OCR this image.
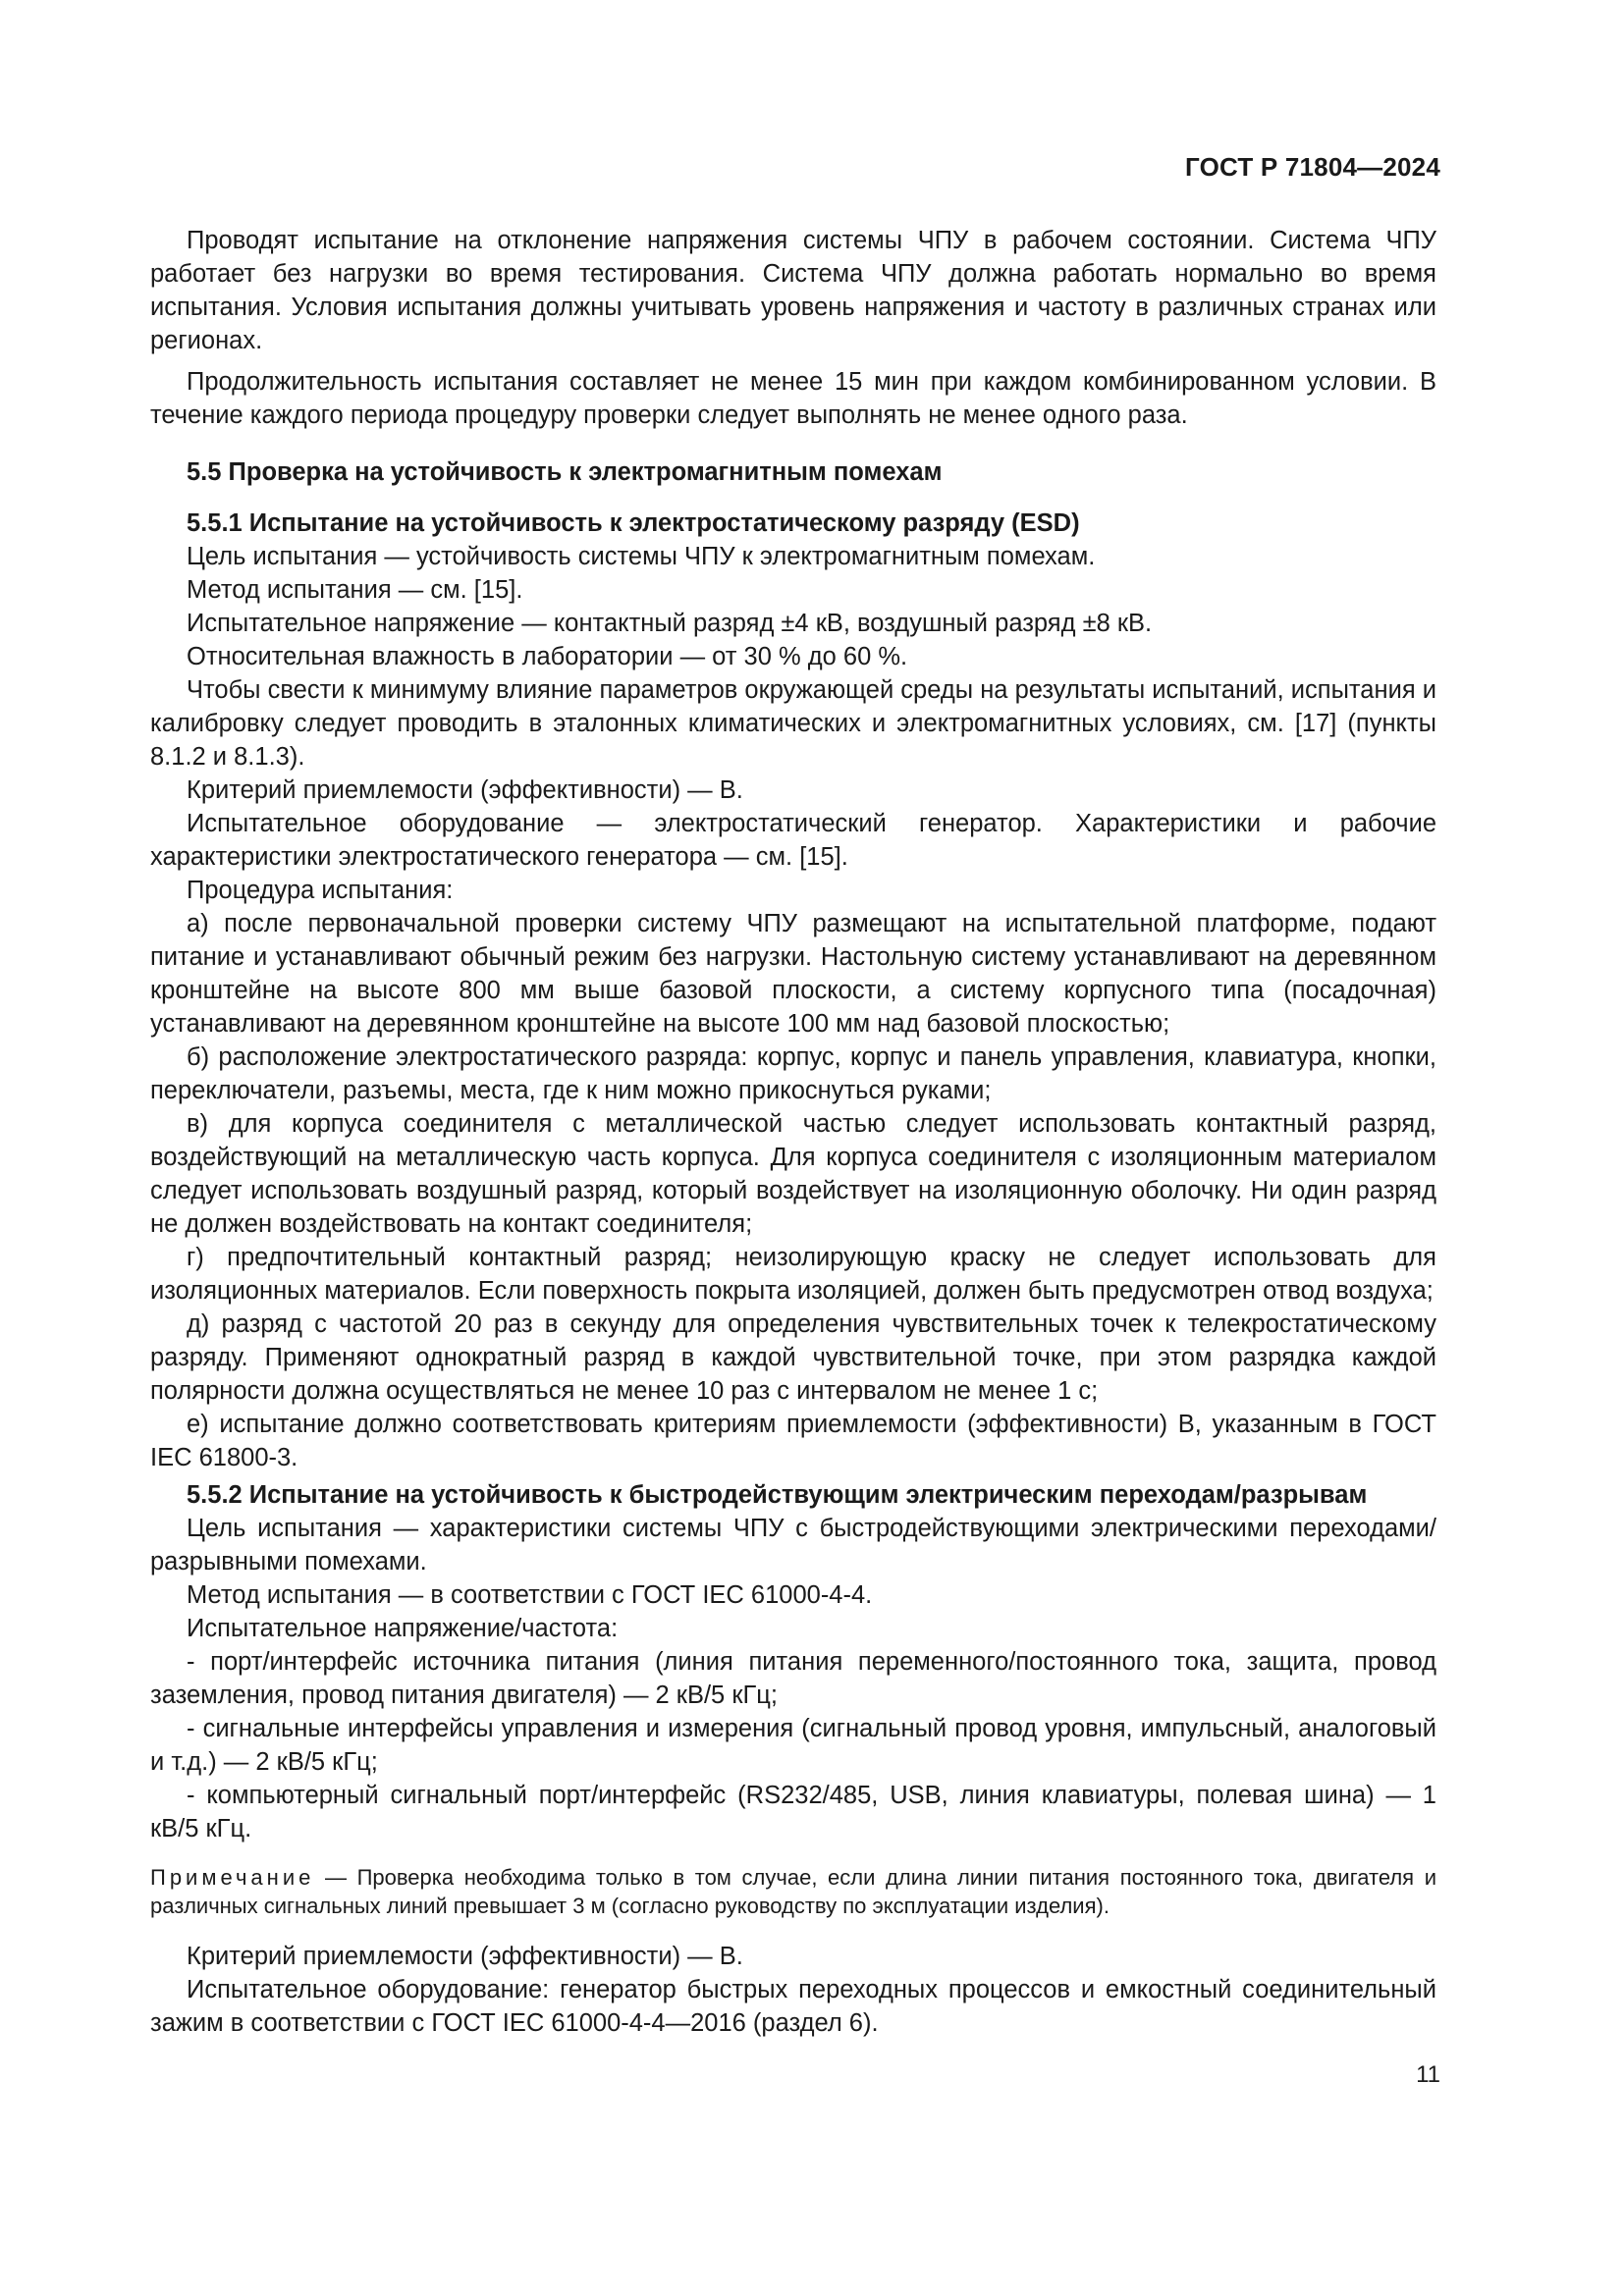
ГОСТ Р 71804—2024

Проводят испытание на отклонение напряжения системы ЧПУ в рабочем состоянии. Система ЧПУ работает без нагрузки во время тестирования. Система ЧПУ должна работать нормально во время испытания. Условия испытания должны учитывать уровень напряжения и частоту в различных странах или регионах.

Продолжительность испытания составляет не менее 15 мин при каждом комбинированном условии. В течение каждого периода процедуру проверки следует выполнять не менее одного раза.

5.5 Проверка на устойчивость к электромагнитным помехам
5.5.1 Испытание на устойчивость к электростатическому разряду (ESD)

Цель испытания — устойчивость системы ЧПУ к электромагнитным помехам.

Метод испытания — см. [15].

Испытательное напряжение — контактный разряд ±4 кВ, воздушный разряд ±8 кВ.

Относительная влажность в лаборатории — от 30 % до 60 %.

Чтобы свести к минимуму влияние параметров окружающей среды на результаты испытаний, испытания и калибровку следует проводить в эталонных климатических и электромагнитных условиях, см. [17] (пункты 8.1.2 и 8.1.3).

Критерий приемлемости (эффективности) — В.

Испытательное оборудование — электростатический генератор. Характеристики и рабочие характеристики электростатического генератора — см. [15].

Процедура испытания:

а) после первоначальной проверки систему ЧПУ размещают на испытательной платформе, подают питание и устанавливают обычный режим без нагрузки. Настольную систему устанавливают на деревянном кронштейне на высоте 800 мм выше базовой плоскости, а систему корпусного типа (посадочная) устанавливают на деревянном кронштейне на высоте 100 мм над базовой плоскостью;

б) расположение электростатического разряда: корпус, корпус и панель управления, клавиатура, кнопки, переключатели, разъемы, места, где к ним можно прикоснуться руками;

в) для корпуса соединителя с металлической частью следует использовать контактный разряд, воздействующий на металлическую часть корпуса. Для корпуса соединителя с изоляционным материалом следует использовать воздушный разряд, который воздействует на изоляционную оболочку. Ни один разряд не должен воздействовать на контакт соединителя;

г) предпочтительный контактный разряд; неизолирующую краску не следует использовать для изоляционных материалов. Если поверхность покрыта изоляцией, должен быть предусмотрен отвод воздуха;

д) разряд с частотой 20 раз в секунду для определения чувствительных точек к телекростатическому разряду. Применяют однократный разряд в каждой чувствительной точке, при этом разрядка каждой полярности должна осуществляться не менее 10 раз с интервалом не менее 1 с;

е) испытание должно соответствовать критериям приемлемости (эффективности) В, указанным в ГОСТ IEC 61800-3.

5.5.2 Испытание на устойчивость к быстродействующим электрическим переходам/разрывам

Цель испытания — характеристики системы ЧПУ с быстродействующими электрическими переходами/разрывными помехами.

Метод испытания — в соответствии с ГОСТ IEC 61000-4-4.

Испытательное напряжение/частота:

- порт/интерфейс источника питания (линия питания переменного/постоянного тока, защита, провод заземления, провод питания двигателя) — 2 кВ/5 кГц;

- сигнальные интерфейсы управления и измерения (сигнальный провод уровня, импульсный, аналоговый и т.д.) — 2 кВ/5 кГц;

- компьютерный сигнальный порт/интерфейс (RS232/485, USB, линия клавиатуры, полевая шина) — 1 кВ/5 кГц.

Примечание — Проверка необходима только в том случае, если длина линии питания постоянного тока, двигателя и различных сигнальных линий превышает 3 м (согласно руководству по эксплуатации изделия).

Критерий приемлемости (эффективности) — В.

Испытательное оборудование: генератор быстрых переходных процессов и емкостный соединительный зажим в соответствии с ГОСТ IEC 61000-4-4—2016 (раздел 6).

11
